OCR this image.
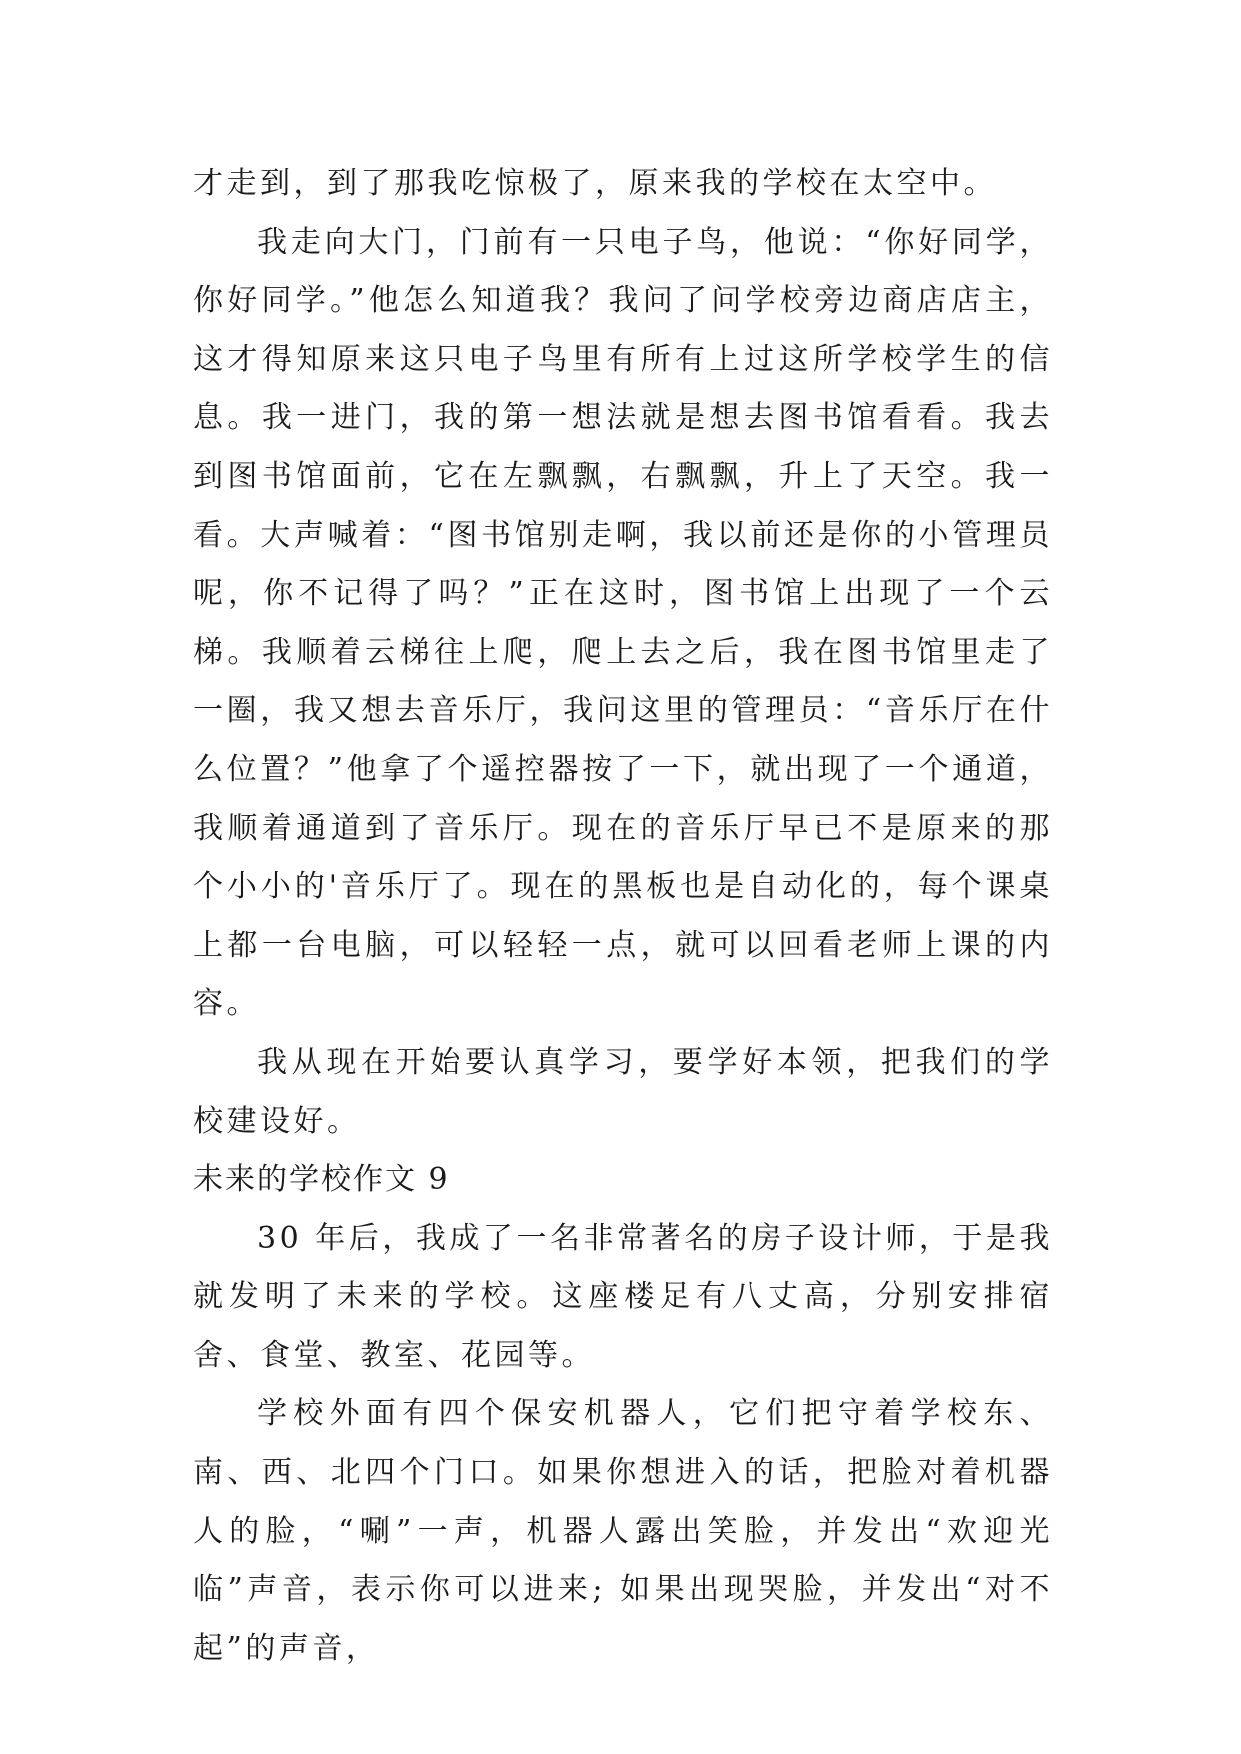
才走到，到了那我吃惊极了，原来我的学校在太空中。

我走向大门，门前有一只电子鸟，他说：“你好同学，你好同学。”他怎么知道我？我问了问学校旁边商店店主，这才得知原来这只电子鸟里有所有上过这所学校学生的信息。我一进门，我的第一想法就是想去图书馆看看。我去到图书馆面前，它在左飘飘，右飘飘，升上了天空。我一看。大声喊着：“图书馆别走啊，我以前还是你的小管理员呢，你不记得了吗？”正在这时，图书馆上出现了一个云梯。我顺着云梯往上爬，爬上去之后，我在图书馆里走了一圈，我又想去音乐厅，我问这里的管理员：“音乐厅在什么位置？”他拿了个遥控器按了一下，就出现了一个通道，我顺着通道到了音乐厅。现在的音乐厅早已不是原来的那个小小的'音乐厅了。现在的黑板也是自动化的，每个课桌上都一台电脑，可以轻轻一点，就可以回看老师上课的内容。

我从现在开始要认真学习，要学好本领，把我们的学校建设好。

未来的学校作文 9

30 年后，我成了一名非常著名的房子设计师，于是我就发明了未来的学校。这座楼足有八丈高，分别安排宿舍、食堂、教室、花园等。

学校外面有四个保安机器人，它们把守着学校东、南、西、北四个门口。如果你想进入的话，把脸对着机器人的脸，“唰”一声，机器人露出笑脸，并发出“欢迎光临”声音，表示你可以进来; 如果出现哭脸，并发出“对不起”的声音，
